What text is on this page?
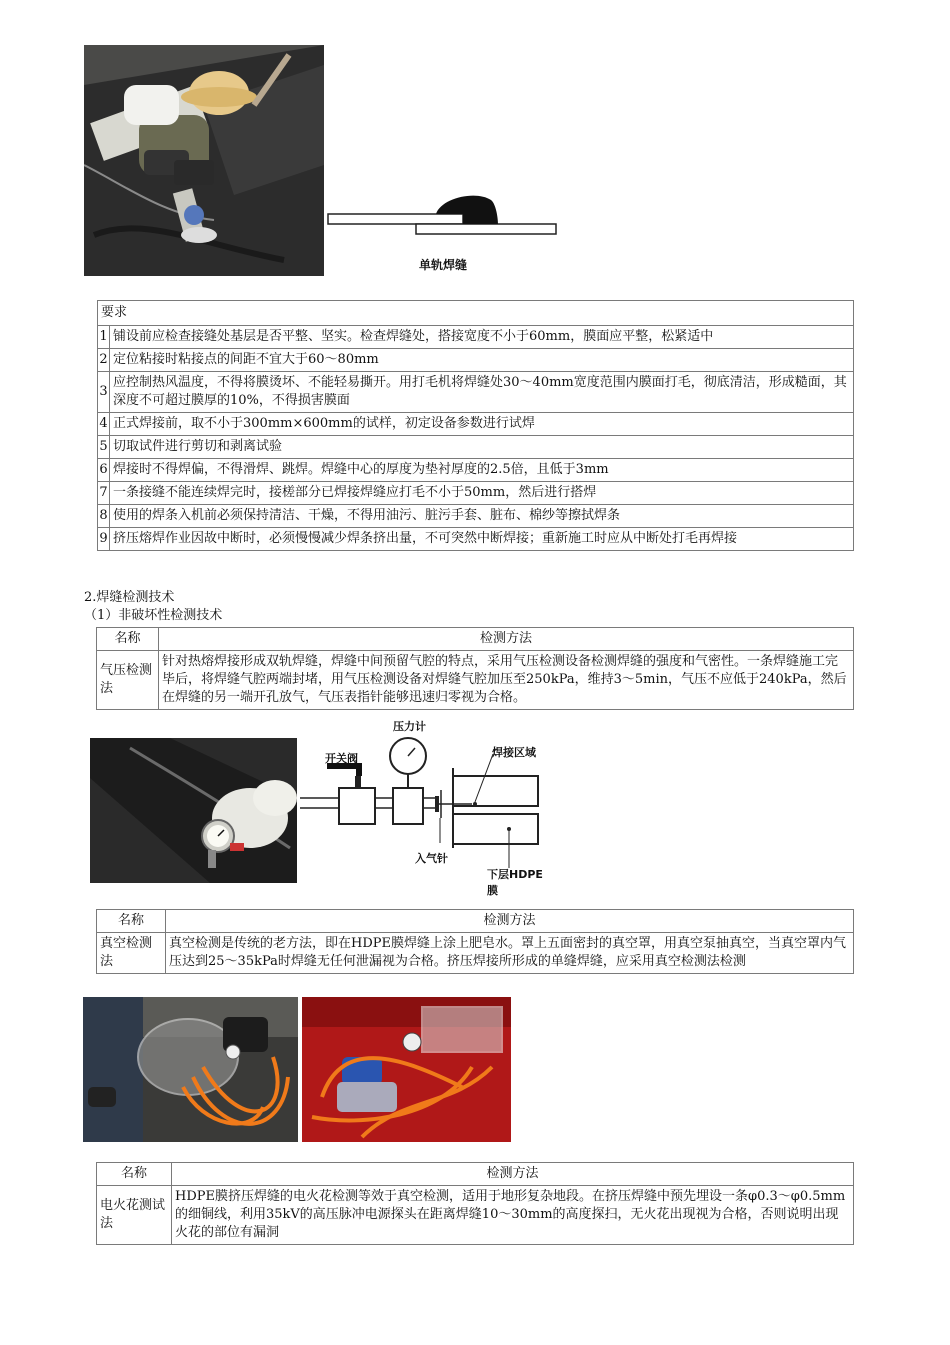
单轨焊缝
要求	
1	铺设前应检查接缝处基层是否平整、坚实。检查焊缝处，搭接宽度不小于60mm，膜面应平整，松紧适中
2	定位粘接时粘接点的间距不宜大于60～80mm
3	应控制热风温度，不得将膜烫坏、不能轻易撕开。用打毛机将焊缝处30～40mm宽度范围内膜面打毛，彻底清洁，形成糙面，其深度不可超过膜厚的10%，不得损害膜面
4	正式焊接前，取不小于300mm×600mm的试样，初定设备参数进行试焊
5	切取试件进行剪切和剥离试验
6	焊接时不得焊偏，不得滑焊、跳焊。焊缝中心的厚度为垫衬厚度的2.5倍，且低于3mm
7	一条接缝不能连续焊完时，接槎部分已焊接焊缝应打毛不小于50mm，然后进行搭焊
8	使用的焊条入机前必须保持清洁、干燥，不得用油污、脏污手套、脏布、棉纱等擦拭焊条
9	挤压熔焊作业因故中断时，必须慢慢减少焊条挤出量，不可突然中断焊接；重新施工时应从中断处打毛再焊接
2.焊缝检测技术
（1）非破坏性检测技术
名称	检测方法
气压检测法	针对热熔焊接形成双轨焊缝，焊缝中间预留气腔的特点，采用气压检测设备检测焊缝的强度和气密性。一条焊缝施工完毕后，将焊缝气腔两端封堵，用气压检测设备对焊缝气腔加压至250kPa，维持3～5min，气压不应低于240kPa，然后在焊缝的另一端开孔放气，气压表指针能够迅速归零视为合格。
开关阀
压力计
焊接区域
入气针
下层HDPE膜
名称	检测方法
真空检测法	真空检测是传统的老方法，即在HDPE膜焊缝上涂上肥皂水。罩上五面密封的真空罩，用真空泵抽真空，当真空罩内气压达到25～35kPa时焊缝无任何泄漏视为合格。挤压焊接所形成的单缝焊缝，应采用真空检测法检测
名称	检测方法
电火花测试法	HDPE膜挤压焊缝的电火花检测等效于真空检测，适用于地形复杂地段。在挤压焊缝中预先埋设一条φ0.3～φ0.5mm的细铜线，利用35kV的高压脉冲电源探头在距离焊缝10～30mm的高度探扫，无火花出现视为合格，否则说明出现火花的部位有漏洞
